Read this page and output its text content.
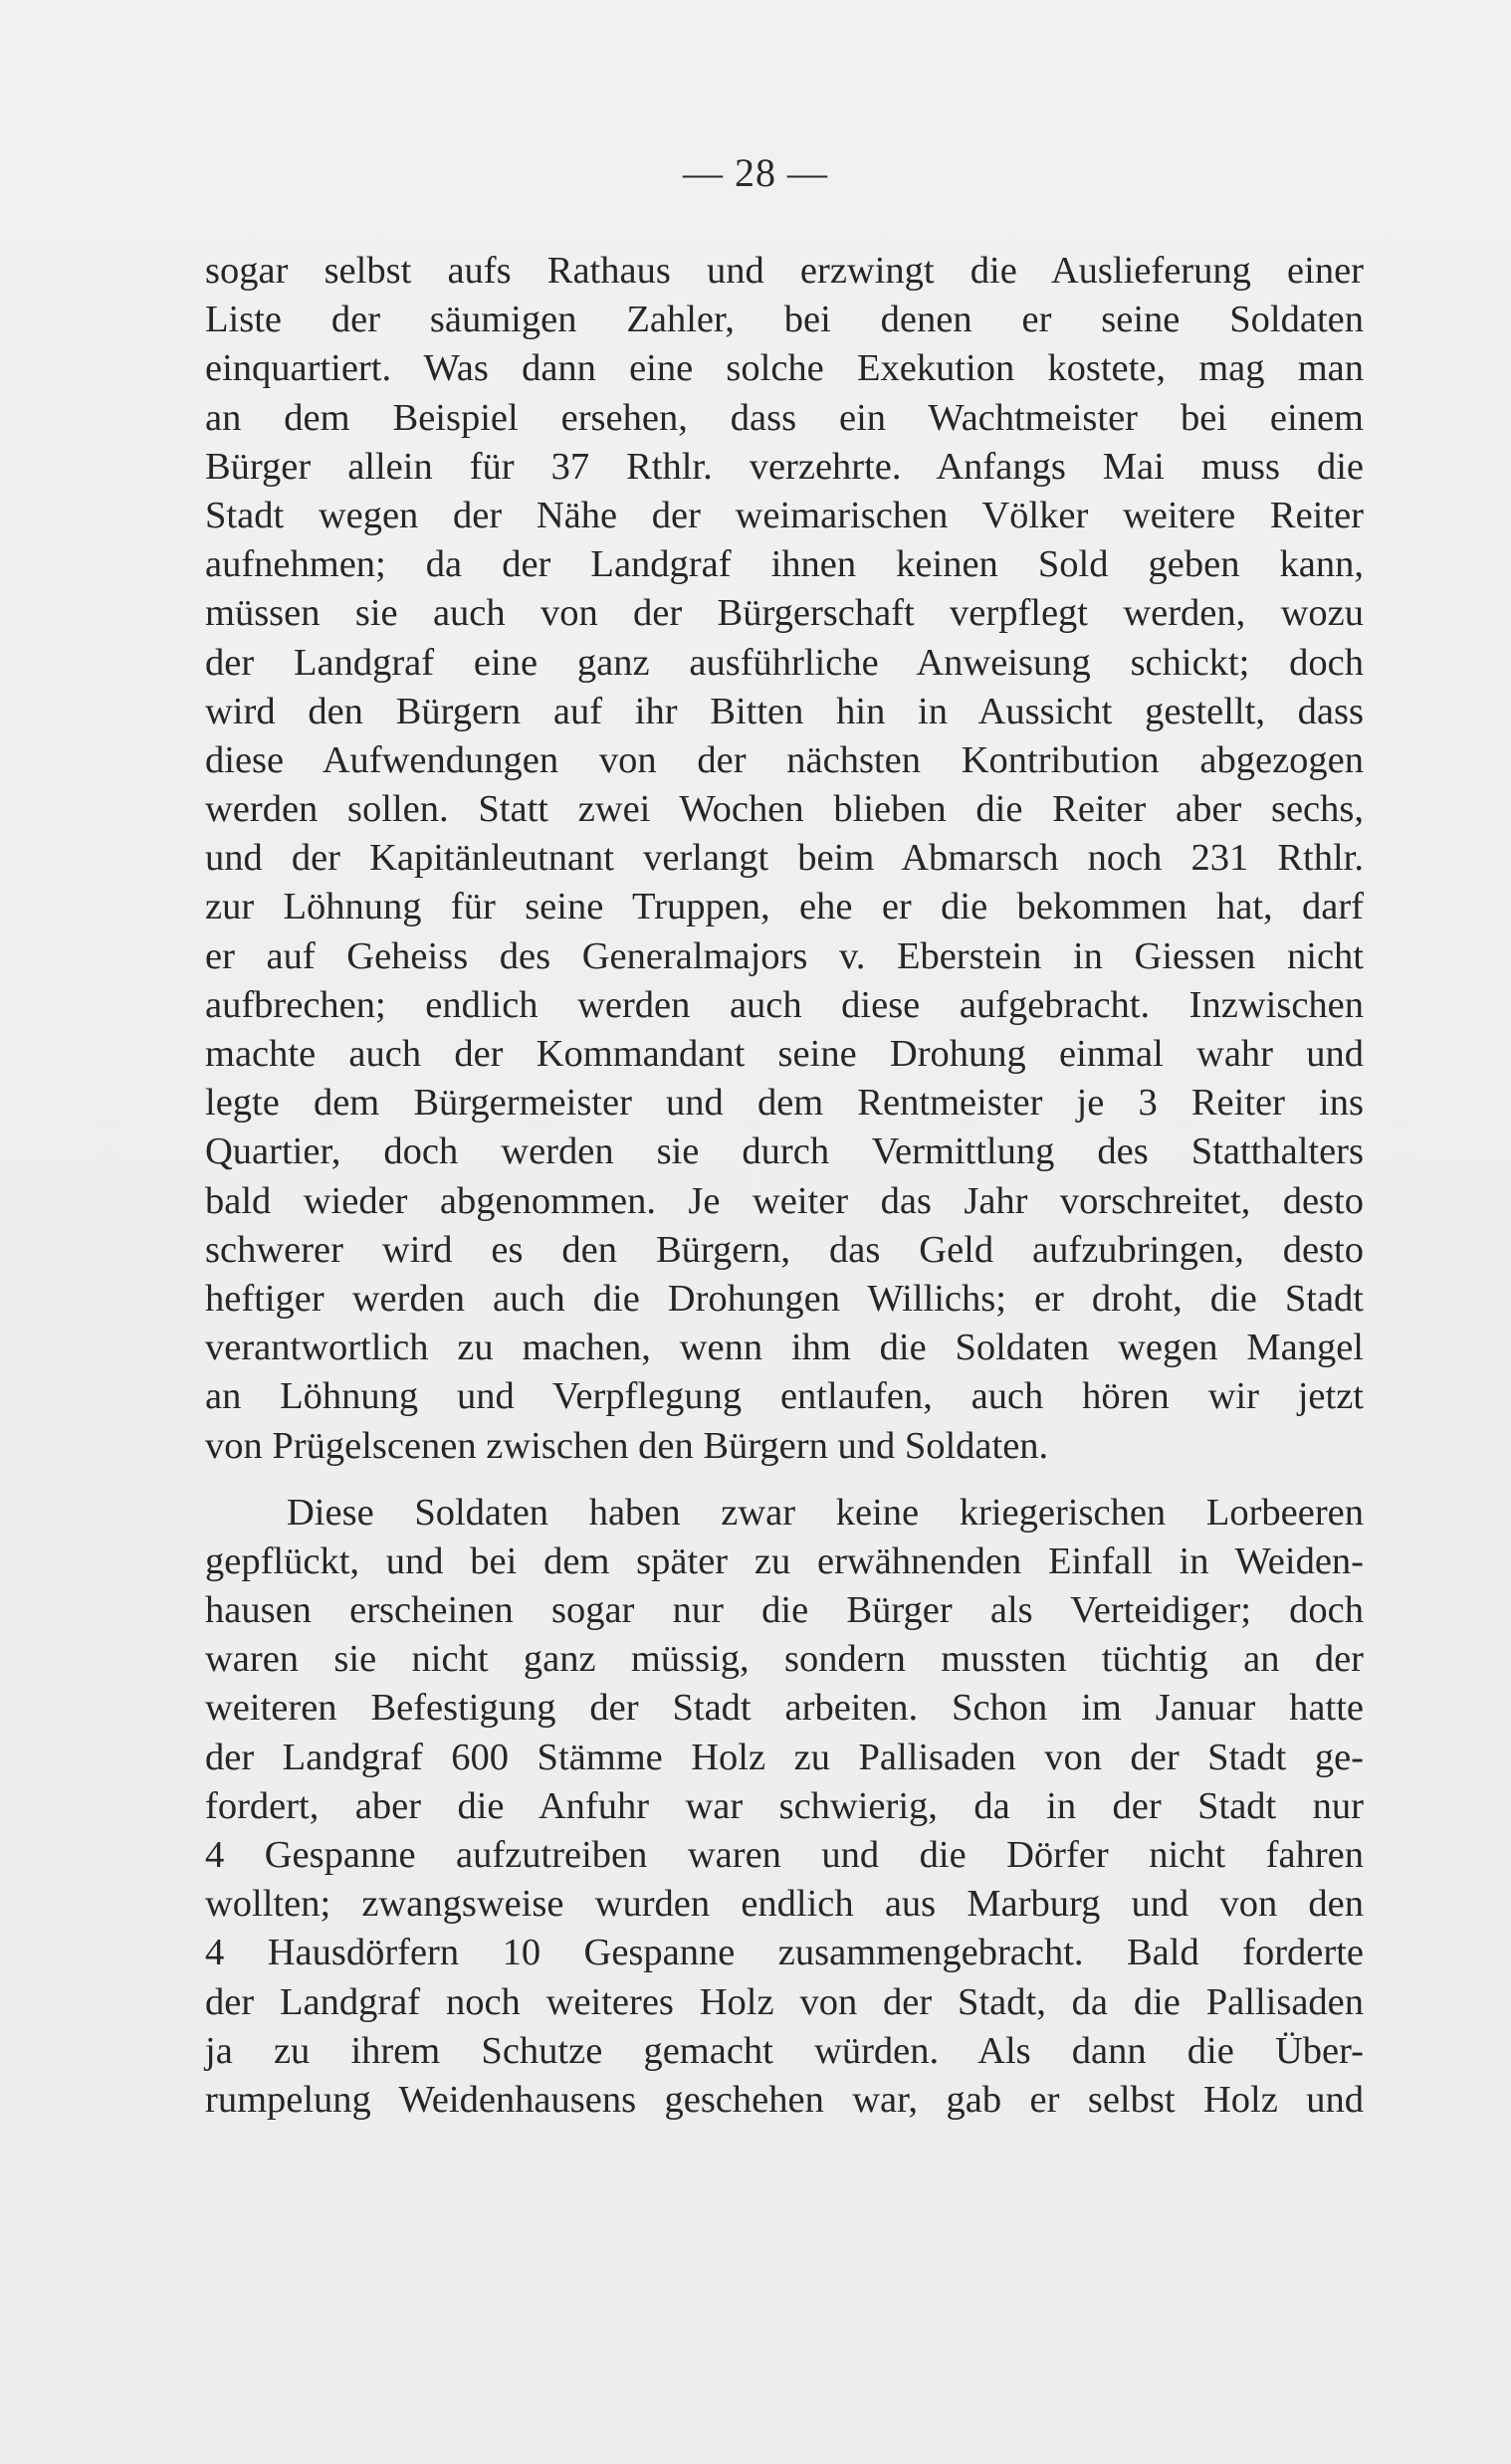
— 28 —
sogar selbst aufs Rathaus und erzwingt die Auslieferung einer
Liste der säumigen Zahler, bei denen er seine Soldaten
einquartiert. Was dann eine solche Exekution kostete, mag man
an dem Beispiel ersehen, dass ein Wachtmeister bei einem
Bürger allein für 37 Rthlr. verzehrte. Anfangs Mai muss die
Stadt wegen der Nähe der weimarischen Völker weitere Reiter
aufnehmen; da der Landgraf ihnen keinen Sold geben kann,
müssen sie auch von der Bürgerschaft verpflegt werden, wozu
der Landgraf eine ganz ausführliche Anweisung schickt; doch
wird den Bürgern auf ihr Bitten hin in Aussicht gestellt, dass
diese Aufwendungen von der nächsten Kontribution abgezogen
werden sollen. Statt zwei Wochen blieben die Reiter aber sechs,
und der Kapitänleutnant verlangt beim Abmarsch noch 231 Rthlr.
zur Löhnung für seine Truppen, ehe er die bekommen hat, darf
er auf Geheiss des Generalmajors v. Eberstein in Giessen nicht
aufbrechen; endlich werden auch diese aufgebracht. Inzwischen
machte auch der Kommandant seine Drohung einmal wahr und
legte dem Bürgermeister und dem Rentmeister je 3 Reiter ins
Quartier, doch werden sie durch Vermittlung des Statthalters
bald wieder abgenommen. Je weiter das Jahr vorschreitet, desto
schwerer wird es den Bürgern, das Geld aufzubringen, desto
heftiger werden auch die Drohungen Willichs; er droht, die Stadt
verantwortlich zu machen, wenn ihm die Soldaten wegen Mangel
an Löhnung und Verpflegung entlaufen, auch hören wir jetzt
von Prügelscenen zwischen den Bürgern und Soldaten.
Diese Soldaten haben zwar keine kriegerischen Lorbeeren
gepflückt, und bei dem später zu erwähnenden Einfall in Weiden-
hausen erscheinen sogar nur die Bürger als Verteidiger; doch
waren sie nicht ganz müssig, sondern mussten tüchtig an der
weiteren Befestigung der Stadt arbeiten. Schon im Januar hatte
der Landgraf 600 Stämme Holz zu Pallisaden von der Stadt ge-
fordert, aber die Anfuhr war schwierig, da in der Stadt nur
4 Gespanne aufzutreiben waren und die Dörfer nicht fahren
wollten; zwangsweise wurden endlich aus Marburg und von den
4 Hausdörfern 10 Gespanne zusammengebracht. Bald forderte
der Landgraf noch weiteres Holz von der Stadt, da die Pallisaden
ja zu ihrem Schutze gemacht würden. Als dann die Über-
rumpelung Weidenhausens geschehen war, gab er selbst Holz und
